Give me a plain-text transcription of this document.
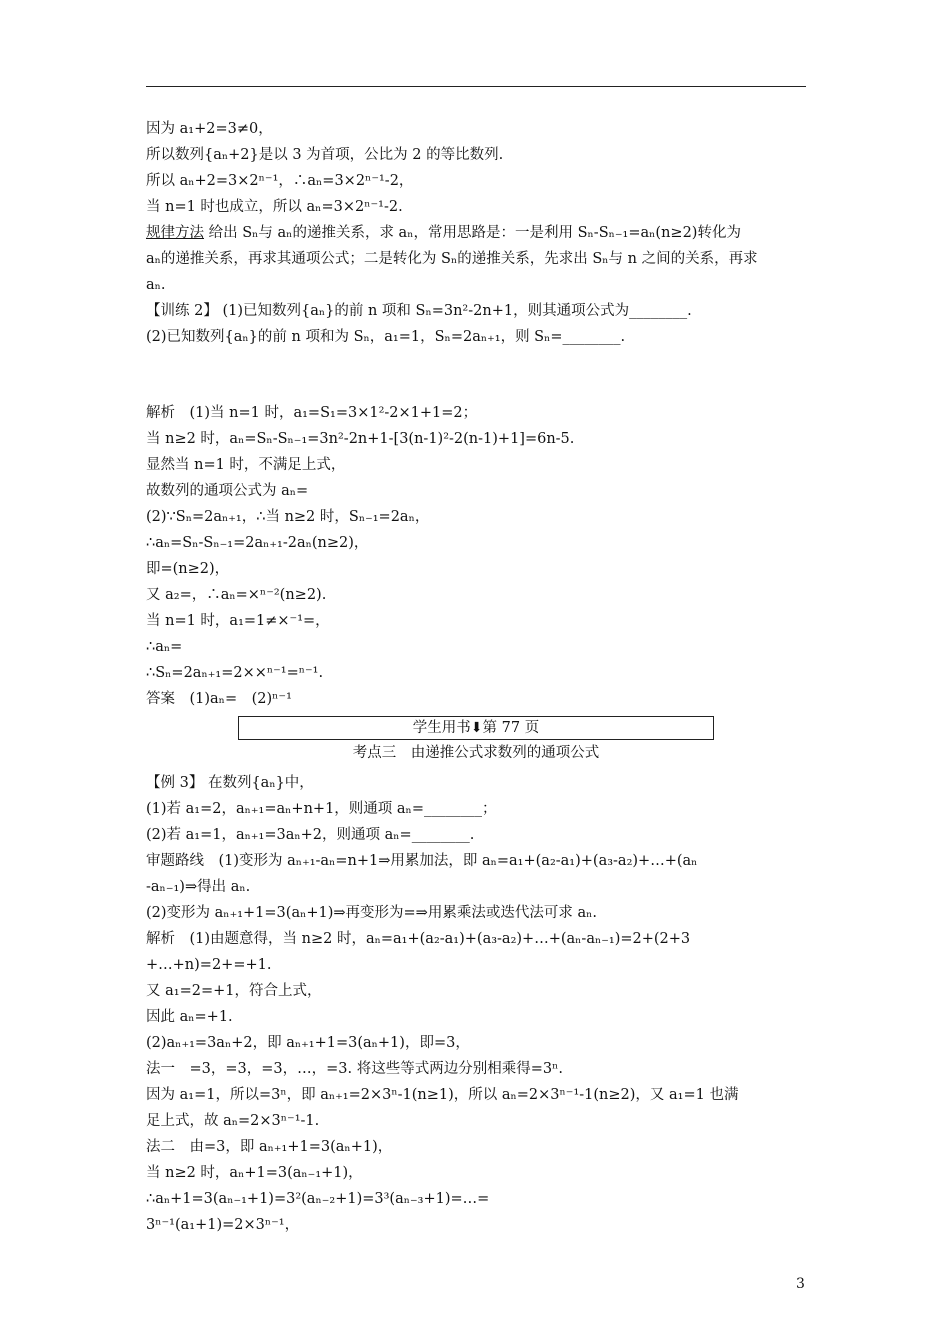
因为 a₁+2=3≠0，
所以数列{aₙ+2}是以 3 为首项，公比为 2 的等比数列.
所以 aₙ+2=3×2ⁿ⁻¹，∴aₙ=3×2ⁿ⁻¹-2，
当 n=1 时也成立，所以 aₙ=3×2ⁿ⁻¹-2.
规律方法 给出 Sₙ与 aₙ的递推关系，求 aₙ，常用思路是：一是利用 Sₙ-Sₙ₋₁=aₙ(n≥2)转化为
aₙ的递推关系，再求其通项公式；二是转化为 Sₙ的递推关系，先求出 Sₙ与 n 之间的关系，再求
aₙ.
【训练 2】 (1)已知数列{aₙ}的前 n 项和 Sₙ=3n²-2n+1，则其通项公式为________.
(2)已知数列{aₙ}的前 n 项和为 Sₙ，a₁=1，Sₙ=2aₙ₊₁，则 Sₙ=________.
解析　(1)当 n=1 时，a₁=S₁=3×1²-2×1+1=2；
当 n≥2 时，aₙ=Sₙ-Sₙ₋₁=3n²-2n+1-[3(n-1)²-2(n-1)+1]=6n-5.
显然当 n=1 时，不满足上式，
故数列的通项公式为 aₙ=
(2)∵Sₙ=2aₙ₊₁，∴当 n≥2 时，Sₙ₋₁=2aₙ，
∴aₙ=Sₙ-Sₙ₋₁=2aₙ₊₁-2aₙ(n≥2)，
即=(n≥2)，
又 a₂=，∴aₙ=×ⁿ⁻²(n≥2).
当 n=1 时，a₁=1≠×⁻¹=，
∴aₙ=
∴Sₙ=2aₙ₊₁=2××ⁿ⁻¹=ⁿ⁻¹.
答案　(1)aₙ=　(2)ⁿ⁻¹
学生用书⬇第 77 页
考点三　由递推公式求数列的通项公式
【例 3】 在数列{aₙ}中，
(1)若 a₁=2，aₙ₊₁=aₙ+n+1，则通项 aₙ=________；
(2)若 a₁=1，aₙ₊₁=3aₙ+2，则通项 aₙ=________.
审题路线　(1)变形为 aₙ₊₁-aₙ=n+1⇒用累加法，即 aₙ=a₁+(a₂-a₁)+(a₃-a₂)+…+(aₙ
-aₙ₋₁)⇒得出 aₙ.
(2)变形为 aₙ₊₁+1=3(aₙ+1)⇒再变形为=⇒用累乘法或迭代法可求 aₙ.
解析　(1)由题意得，当 n≥2 时，aₙ=a₁+(a₂-a₁)+(a₃-a₂)+…+(aₙ-aₙ₋₁)=2+(2+3
+…+n)=2+=+1.
又 a₁=2=+1，符合上式，
因此 aₙ=+1.
(2)aₙ₊₁=3aₙ+2，即 aₙ₊₁+1=3(aₙ+1)，即=3，
法一　=3，=3，=3，…，=3. 将这些等式两边分别相乘得=3ⁿ.
因为 a₁=1，所以=3ⁿ，即 aₙ₊₁=2×3ⁿ-1(n≥1)，所以 aₙ=2×3ⁿ⁻¹-1(n≥2)，又 a₁=1 也满
足上式，故 aₙ=2×3ⁿ⁻¹-1.
法二　由=3，即 aₙ₊₁+1=3(aₙ+1)，
当 n≥2 时，aₙ+1=3(aₙ₋₁+1)，
∴aₙ+1=3(aₙ₋₁+1)=3²(aₙ₋₂+1)=3³(aₙ₋₃+1)=…=
3ⁿ⁻¹(a₁+1)=2×3ⁿ⁻¹，
3
